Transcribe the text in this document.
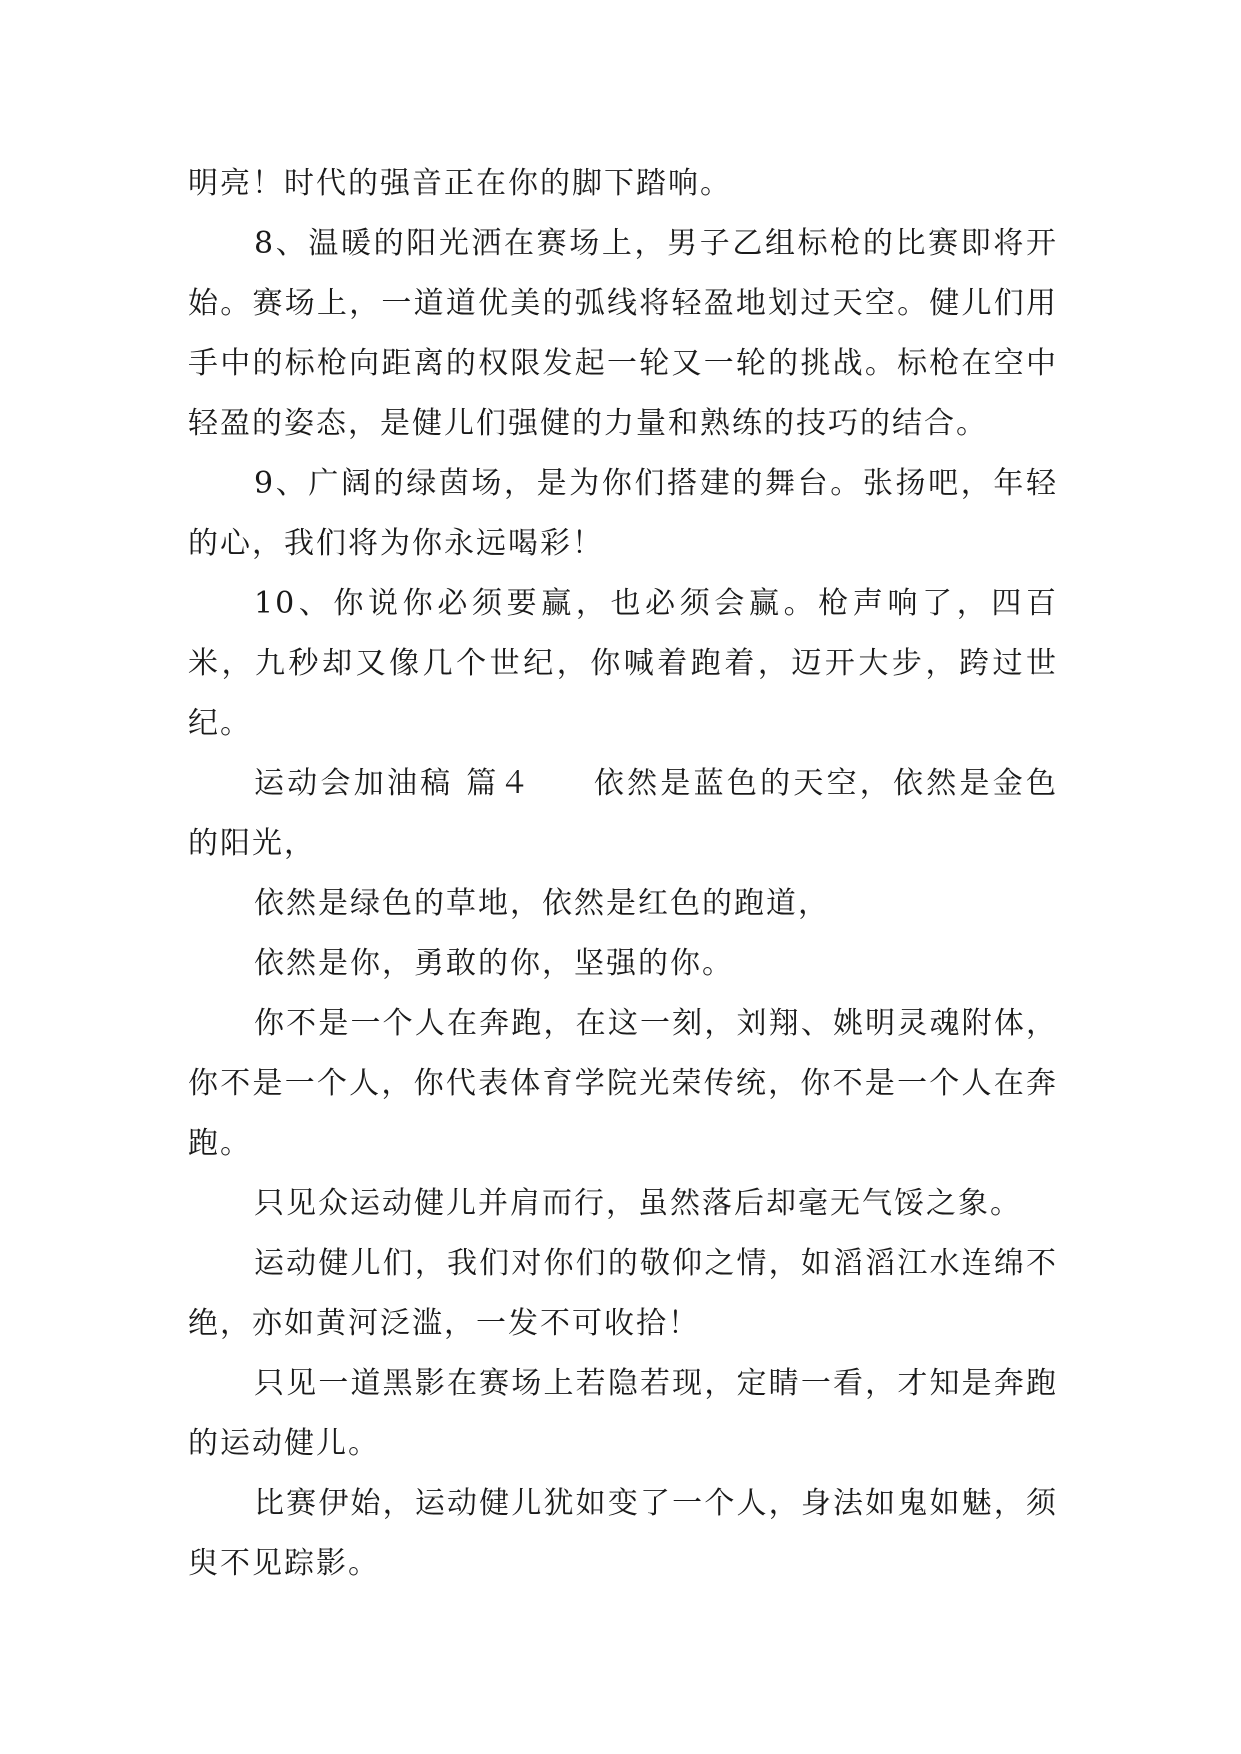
明亮！时代的强音正在你的脚下踏响。

8、温暖的阳光洒在赛场上，男子乙组标枪的比赛即将开始。赛场上，一道道优美的弧线将轻盈地划过天空。健儿们用手中的标枪向距离的权限发起一轮又一轮的挑战。标枪在空中轻盈的姿态，是健儿们强健的力量和熟练的技巧的结合。

9、广阔的绿茵场，是为你们搭建的舞台。张扬吧，年轻的心，我们将为你永远喝彩！

10、你说你必须要赢，也必须会赢。枪声响了，四百米，九秒却又像几个世纪，你喊着跑着，迈开大步，跨过世纪。

运动会加油稿 篇４ 依然是蓝色的天空，依然是金色的阳光，

依然是绿色的草地，依然是红色的跑道，

依然是你，勇敢的你，坚强的你。

你不是一个人在奔跑，在这一刻，刘翔、姚明灵魂附体，你不是一个人，你代表体育学院光荣传统，你不是一个人在奔跑。

只见众运动健儿并肩而行，虽然落后却毫无气馁之象。

运动健儿们，我们对你们的敬仰之情，如滔滔江水连绵不绝，亦如黄河泛滥，一发不可收拾！

只见一道黑影在赛场上若隐若现，定睛一看，才知是奔跑的运动健儿。

比赛伊始，运动健儿犹如变了一个人，身法如鬼如魅，须臾不见踪影。
